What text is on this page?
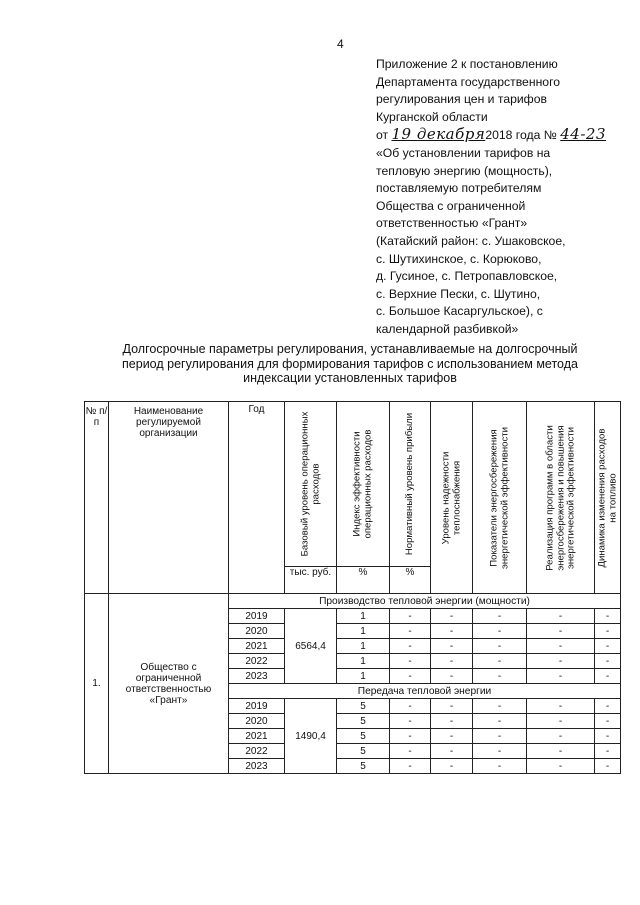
4
Приложение 2 к постановлению
Департамента государственного
регулирования цен и тарифов
Курганской области
от 19 декабря2018 года № 44-23
«Об установлении тарифов на
тепловую энергию (мощность),
поставляемую потребителям
Общества с ограниченной
ответственностью «Грант»
(Катайский район: с. Ушаковское,
с. Шутихинское, с. Корюково,
д. Гусиное, с. Петропавловское,
с. Верхние Пески, с. Шутино,
с. Большое Касаргульское), с
календарной разбивкой»
Долгосрочные параметры регулирования, устанавливаемые на долгосрочный
период регулирования для формирования тарифов с использованием метода
индексации установленных тарифов
№ п/п	Наименование регулируемой организации	Год	Базовый уровень операционных расходов	Индекс эффективности операционных расходов	Нормативный уровень прибыли	Уровень надежности теплоснабжения	Показатели энергосбережения энергетической эффективности	Реализация программ в области энергосбережения и повышения энергетической эффективности	Динамика изменения расходов на топливо

			тыс. руб.	%	%				
1.	Общество с ограниченной ответственностью «Грант»	Производство тепловой энергии (мощности)							
		2019	6564,4	1	-	-	-	-	-
		2020		1	-	-	-	-	-
		2021		1	-	-	-	-	-
		2022		1	-	-	-	-	-
		2023		1	-	-	-	-	-
		Передача тепловой энергии							
		2019	1490,4	5	-	-	-	-	-
		2020		5	-	-	-	-	-
		2021		5	-	-	-	-	-
		2022		5	-	-	-	-	-
		2023		5	-	-	-	-	-
